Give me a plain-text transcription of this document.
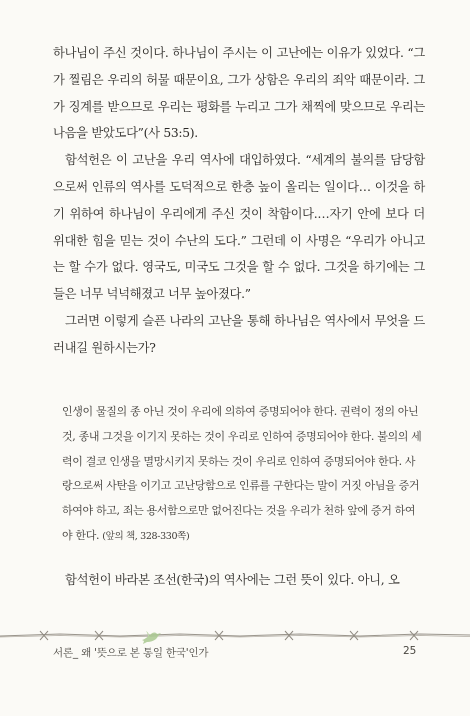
하나님이 주신 것이다. 하나님이 주시는 이 고난에는 이유가 있었다. “그가 찔림은 우리의 허물 때문이요, 그가 상함은 우리의 죄악 때문이라. 그가 징계를 받으므로 우리는 평화를 누리고 그가 채찍에 맞으므로 우리는 나음을 받았도다”(사 53:5).

함석헌은 이 고난을 우리 역사에 대입하였다. “세계의 불의를 담당함으로써 인류의 역사를 도덕적으로 한층 높이 올리는 일이다… 이것을 하기 위하여 하나님이 우리에게 주신 것이 착함이다.…자기 안에 보다 더 위대한 힘을 믿는 것이 수난의 도다.” 그런데 이 사명은 “우리가 아니고는 할 수가 없다. 영국도, 미국도 그것을 할 수 없다. 그것을 하기에는 그들은 너무 넉넉해졌고 너무 높아졌다.”

그러면 이렇게 슬픈 나라의 고난을 통해 하나님은 역사에서 무엇을 드러내길 원하시는가?

인생이 물질의 종 아닌 것이 우리에 의하여 증명되어야 한다. 권력이 정의 아닌 것, 종내 그것을 이기지 못하는 것이 우리로 인하여 증명되어야 한다. 불의의 세력이 결코 인생을 멸망시키지 못하는 것이 우리로 인하여 증명되어야 한다. 사랑으로써 사탄을 이기고 고난당함으로 인류를 구한다는 말이 거짓 아님을 증거 하여야 하고, 죄는 용서함으로만 없어진다는 것을 우리가 천하 앞에 증거 하여야 한다. (앞의 책, 328-330쪽)
함석헌이 바라본 조선(한국)의 역사에는 그런 뜻이 있다. 아니, 오
서론_ 왜 '뜻으로 본 통일 한국'인가	25
